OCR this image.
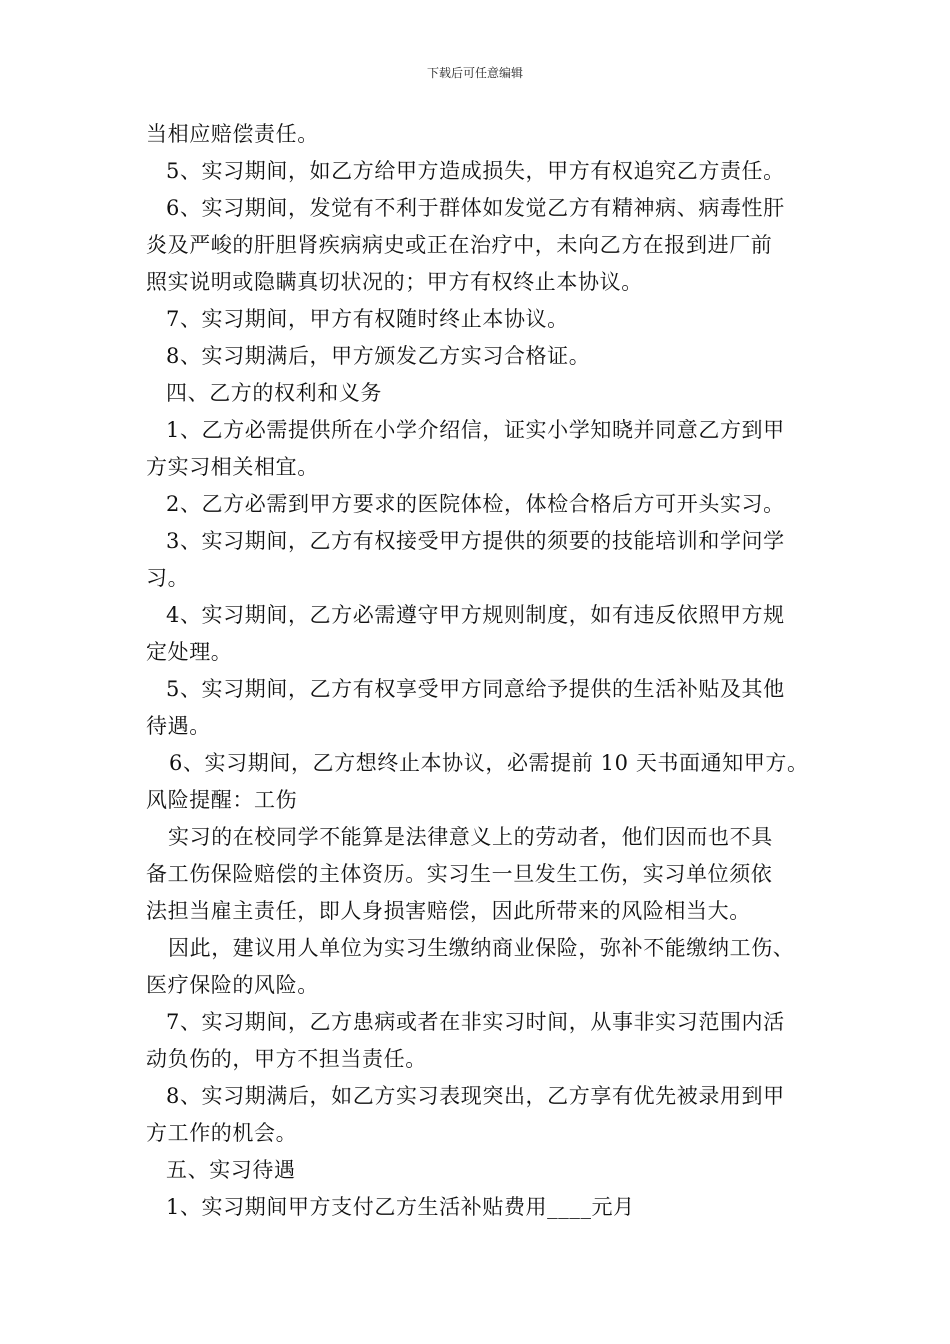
下载后可任意编辑
当相应赔偿责任。
5、实习期间，如乙方给甲方造成损失，甲方有权追究乙方责任。
6、实习期间，发觉有不利于群体如发觉乙方有精神病、病毒性肝
炎及严峻的肝胆肾疾病病史或正在治疗中，未向乙方在报到进厂前
照实说明或隐瞒真切状况的；甲方有权终止本协议。
7、实习期间，甲方有权随时终止本协议。
8、实习期满后，甲方颁发乙方实习合格证。
四、乙方的权利和义务
1、乙方必需提供所在小学介绍信，证实小学知晓并同意乙方到甲
方实习相关相宜。
2、乙方必需到甲方要求的医院体检，体检合格后方可开头实习。
3、实习期间，乙方有权接受甲方提供的须要的技能培训和学问学
习。
4、实习期间，乙方必需遵守甲方规则制度，如有违反依照甲方规
定处理。
5、实习期间，乙方有权享受甲方同意给予提供的生活补贴及其他
待遇。
6、实习期间，乙方想终止本协议，必需提前 10 天书面通知甲方。
风险提醒：工伤
实习的在校同学不能算是法律意义上的劳动者，他们因而也不具
备工伤保险赔偿的主体资历。实习生一旦发生工伤，实习单位须依
法担当雇主责任，即人身损害赔偿，因此所带来的风险相当大。
因此，建议用人单位为实习生缴纳商业保险，弥补不能缴纳工伤、
医疗保险的风险。
7、实习期间，乙方患病或者在非实习时间，从事非实习范围内活
动负伤的，甲方不担当责任。
8、实习期满后，如乙方实习表现突出，乙方享有优先被录用到甲
方工作的机会。
五、实习待遇
1、实习期间甲方支付乙方生活补贴费用____元月
